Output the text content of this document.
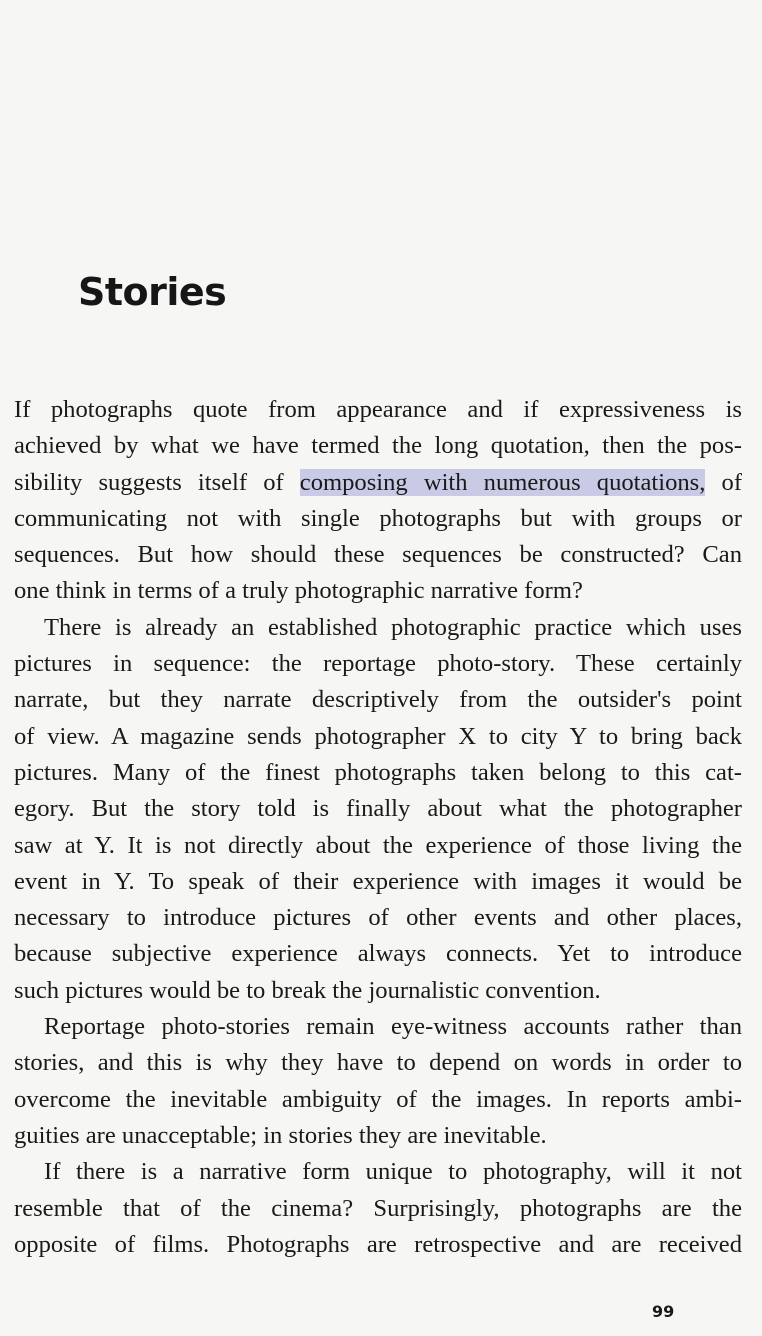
Stories
If photographs quote from appearance and if expressiveness is
achieved by what we have termed the long quotation, then the pos-
sibility suggests itself of composing with numerous quotations, of
communicating not with single photographs but with groups or
sequences. But how should these sequences be constructed? Can
one think in terms of a truly photographic narrative form?
There is already an established photographic practice which uses
pictures in sequence: the reportage photo-story. These certainly
narrate, but they narrate descriptively from the outsider's point
of view. A magazine sends photographer X to city Y to bring back
pictures. Many of the finest photographs taken belong to this cat-
egory. But the story told is finally about what the photographer
saw at Y. It is not directly about the experience of those living the
event in Y. To speak of their experience with images it would be
necessary to introduce pictures of other events and other places,
because subjective experience always connects. Yet to introduce
such pictures would be to break the journalistic convention.
Reportage photo-stories remain eye-witness accounts rather than
stories, and this is why they have to depend on words in order to
overcome the inevitable ambiguity of the images. In reports ambi-
guities are unacceptable; in stories they are inevitable.
If there is a narrative form unique to photography, will it not
resemble that of the cinema? Surprisingly, photographs are the
opposite of films. Photographs are retrospective and are received
99
